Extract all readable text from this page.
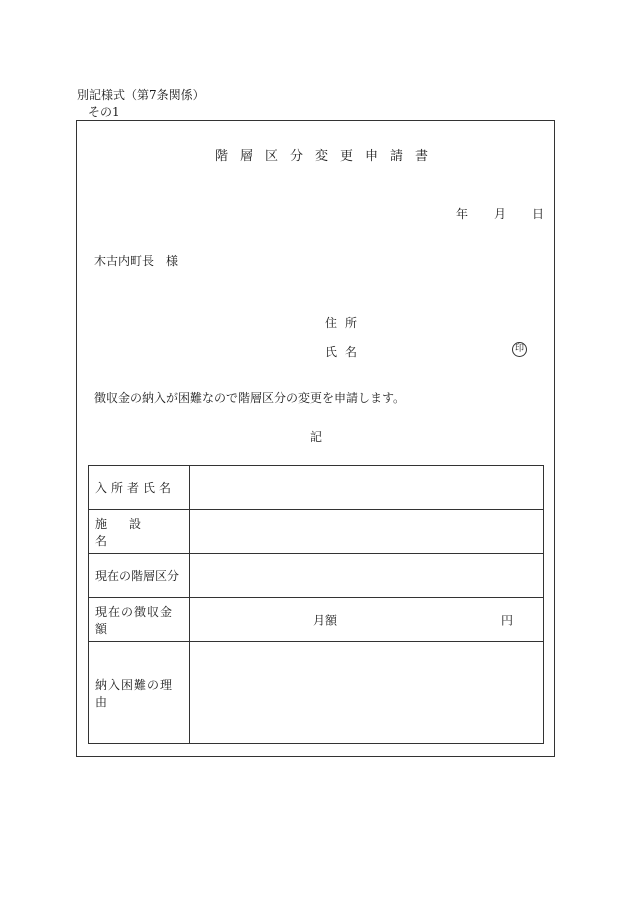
別記様式（第7条関係）
その1
階層区分変更申請書
年 月 日
木古内町長　様
住所
氏名	印
徴収金の納入が困難なので階層区分の変更を申請します。
記
入所者氏名	

施設名	

現在の階層区分	
現在の徴収金額	月額 円

納入困難の理由	
